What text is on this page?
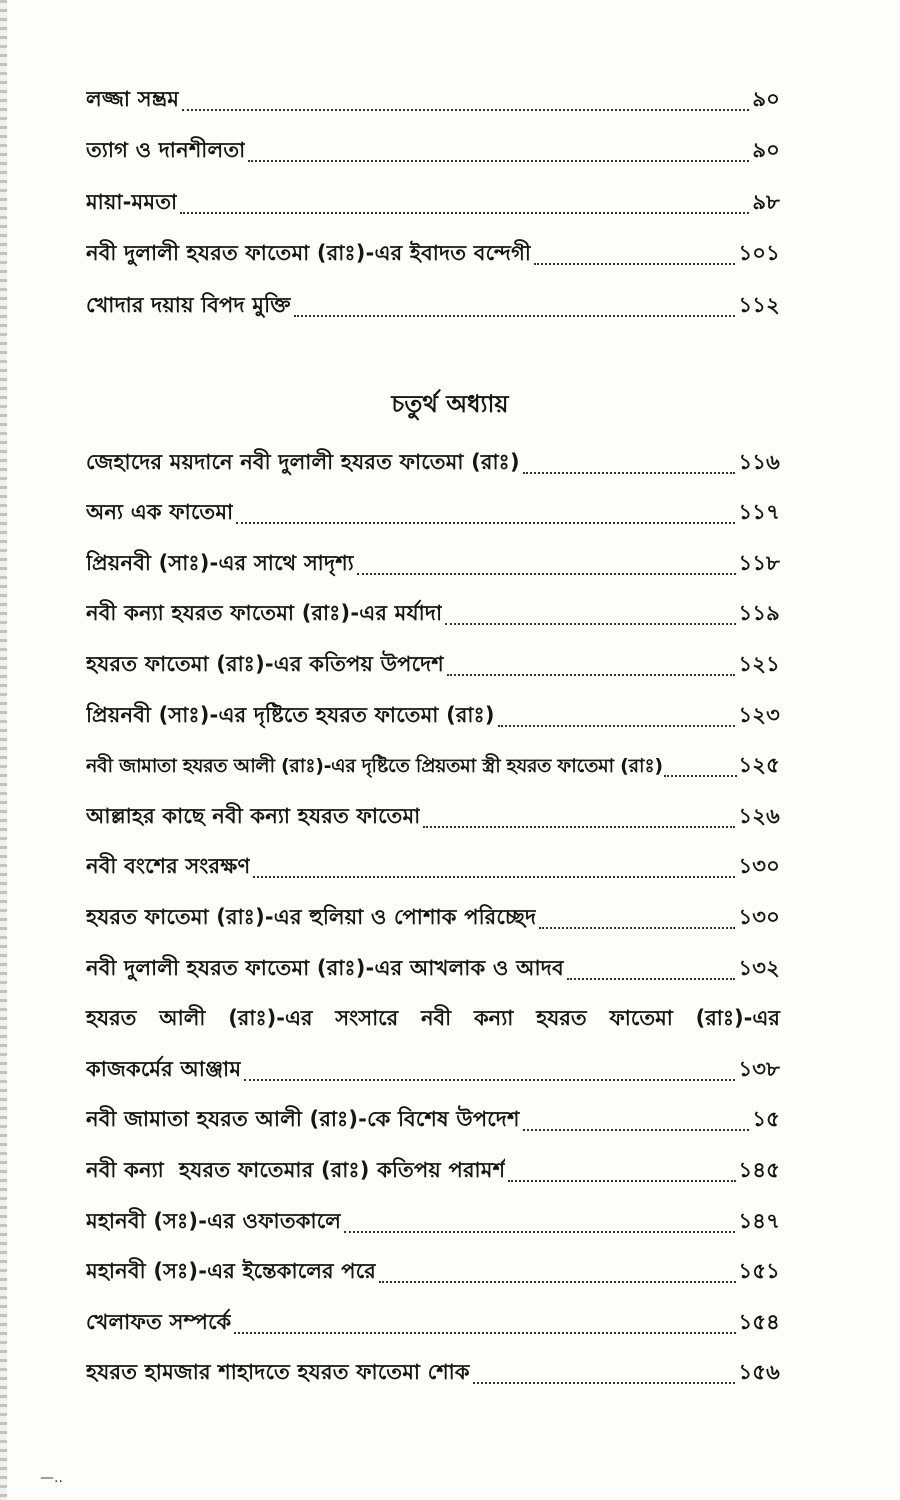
লজ্জা সম্ভ্রম	৯০
ত্যাগ ও দানশীলতা	৯০
মায়া-মমতা	৯৮
নবী দুলালী হযরত ফাতেমা (রাঃ)-এর ইবাদত বন্দেগী	১০১
খোদার দয়ায় বিপদ মুক্তি	১১২
চতুর্থ অধ্যায়
জেহাদের ময়দানে নবী দুলালী হযরত ফাতেমা (রাঃ)	১১৬
অন্য এক ফাতেমা	১১৭
প্রিয়নবী (সাঃ)-এর সাথে সাদৃশ্য	১১৮
নবী কন্যা হযরত ফাতেমা (রাঃ)-এর মর্যাদা	১১৯
হযরত ফাতেমা (রাঃ)-এর কতিপয় উপদেশ	১২১
প্রিয়নবী (সাঃ)-এর দৃষ্টিতে হযরত ফাতেমা (রাঃ)	১২৩
নবী জামাতা হযরত আলী (রাঃ)-এর দৃষ্টিতে প্রিয়তমা স্ত্রী হযরত ফাতেমা (রাঃ)	১২৫
আল্লাহর কাছে নবী কন্যা হযরত ফাতেমা	১২৬
নবী বংশের সংরক্ষণ	১৩০
হযরত ফাতেমা (রাঃ)-এর হুলিয়া ও পোশাক পরিচ্ছেদ	১৩০
নবী দুলালী হযরত ফাতেমা (রাঃ)-এর আখলাক ও আদব	১৩২
হযরত আলী (রাঃ)-এর সংসারে নবী কন্যা হযরত ফাতেমা (রাঃ)-এর
কাজকর্মের আঞ্জাম	১৩৮
নবী জামাতা হযরত আলী (রাঃ)-কে বিশেষ উপদেশ	১৫
নবী কন্যা  হযরত ফাতেমার (রাঃ) কতিপয় পরামর্শ	১৪৫
মহানবী (সঃ)-এর ওফাতকালে	১৪৭
মহানবী (সঃ)-এর ইন্তেকালের পরে	১৫১
খেলাফত সম্পর্কে	১৫৪
হযরত হামজার শাহাদতে হযরত ফাতেমা শোক	১৫৬
—..
